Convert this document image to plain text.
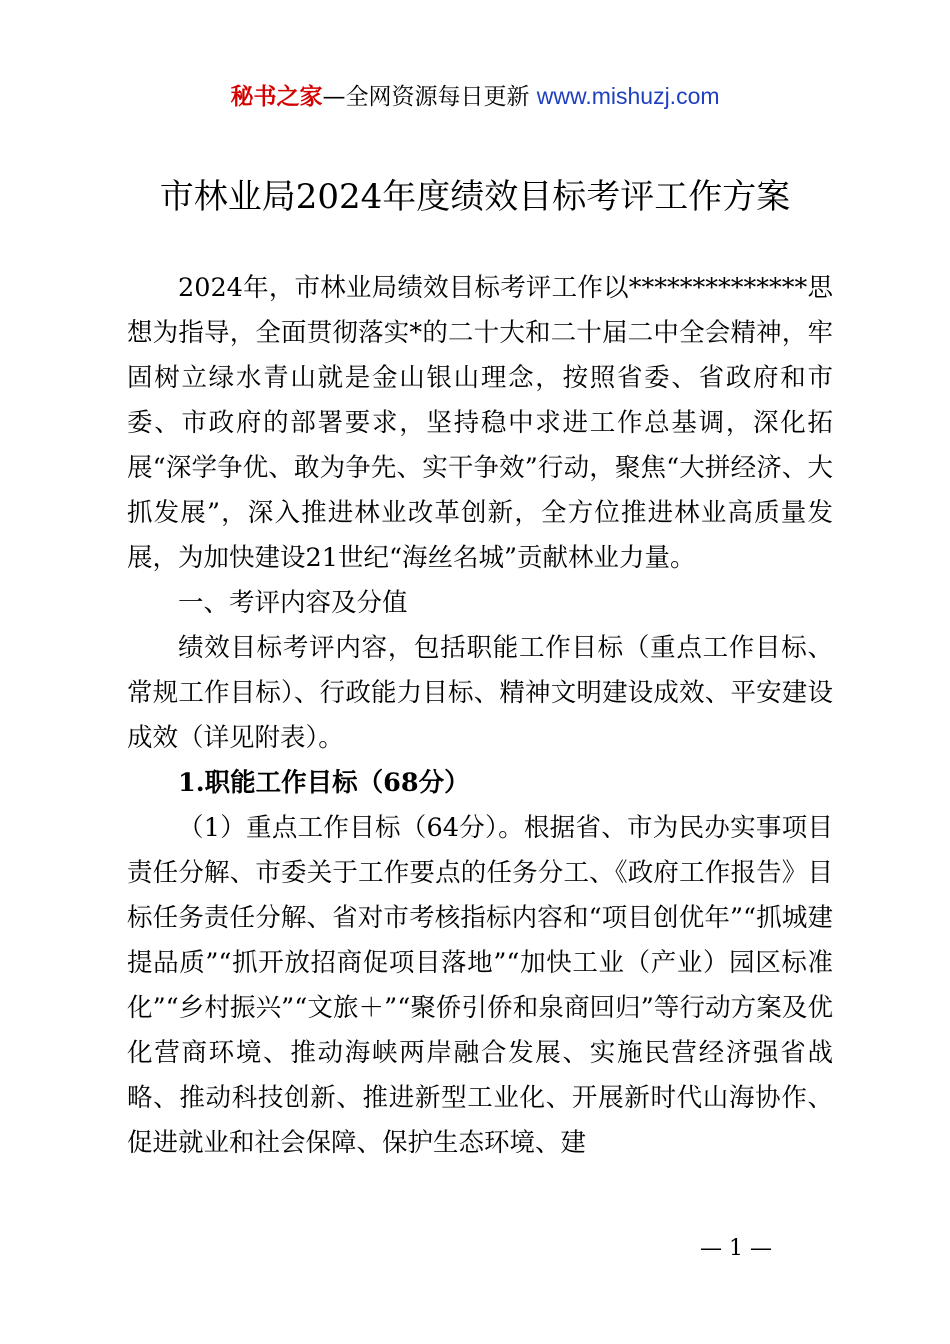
秘书之家—全网资源每日更新 www.mishuzj.com
市林业局2024年度绩效目标考评工作方案

2024年，市林业局绩效目标考评工作以**************思想为指导，全面贯彻落实*的二十大和二十届二中全会精神，牢固树立绿水青山就是金山银山理念，按照省委、省政府和市委、市政府的部署要求，坚持稳中求进工作总基调，深化拓展“深学争优、敢为争先、实干争效”行动，聚焦“大拼经济、大抓发展”，深入推进林业改革创新，全方位推进林业高质量发展，为加快建设21世纪“海丝名城”贡献林业力量。

一、考评内容及分值

绩效目标考评内容，包括职能工作目标（重点工作目标、常规工作目标）、行政能力目标、精神文明建设成效、平安建设成效（详见附表）。

1.职能工作目标（68分）

（1）重点工作目标（64分）。根据省、市为民办实事项目责任分解、市委关于工作要点的任务分工、《政府工作报告》目标任务责任分解、省对市考核指标内容和“项目创优年”“抓城建提品质”“抓开放招商促项目落地”“加快工业（产业）园区标准化”“乡村振兴”“文旅＋”“聚侨引侨和泉商回归”等行动方案及优化营商环境、推动海峡两岸融合发展、实施民营经济强省战略、推动科技创新、推进新型工业化、开展新时代山海协作、促进就业和社会保障、保护生态环境、建

— 1 —
